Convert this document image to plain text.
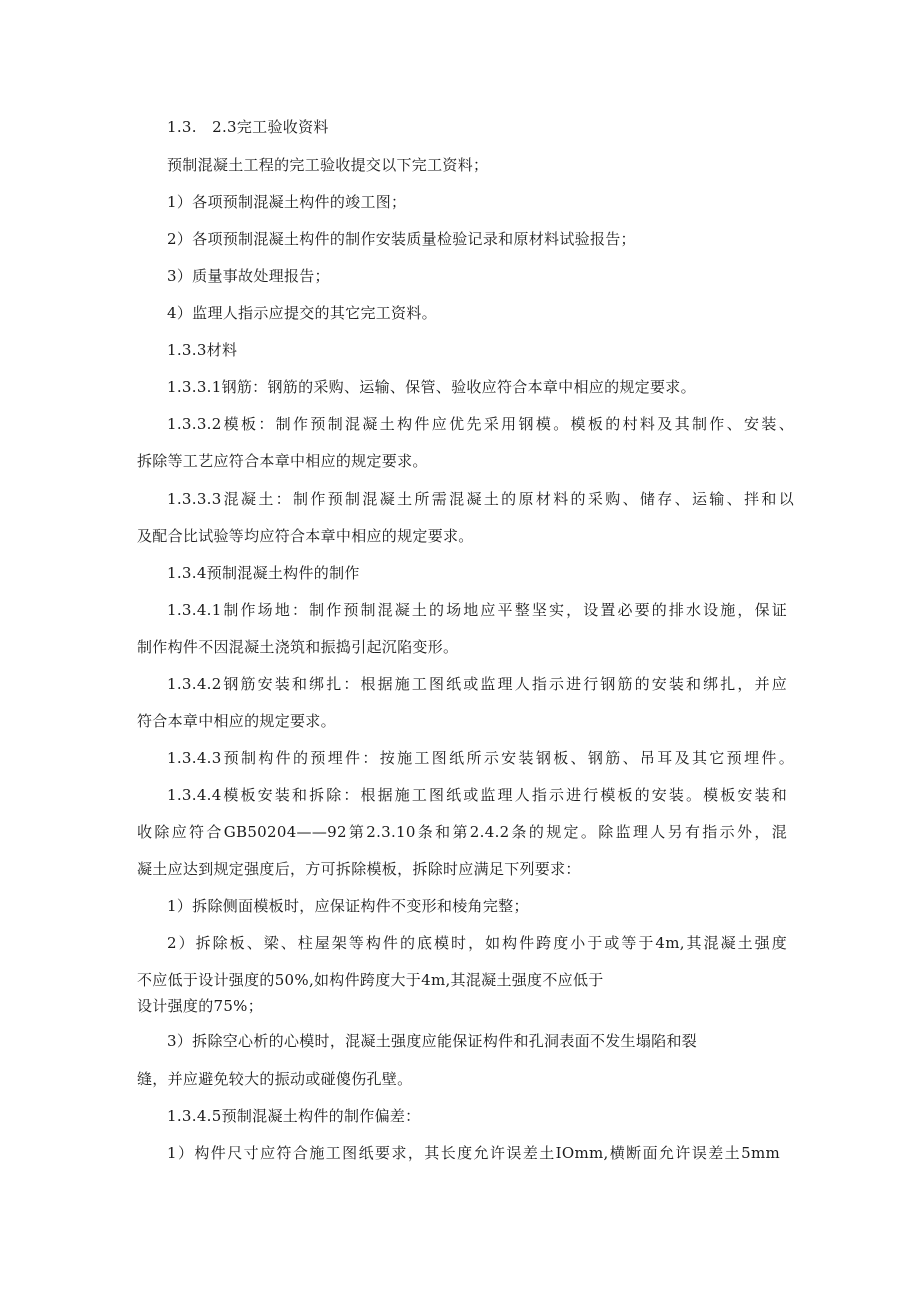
1.3.　2.3完工验收资料
预制混凝土工程的完工验收提交以下完工资料；
1）各项预制混凝土构件的竣工图；
2）各项预制混凝土构件的制作安装质量检验记录和原材料试验报告；
3）质量事故处理报告；
4）监理人指示应提交的其它完工资料。
1.3.3材料
1.3.3.1钢筋：钢筋的采购、运输、保管、验收应符合本章中相应的规定要求。
1.3.3.2模板：制作预制混凝土构件应优先采用钢模。模板的村料及其制作、安装、
拆除等工艺应符合本章中相应的规定要求。
1.3.3.3混凝土：制作预制混凝土所需混凝土的原材料的采购、储存、运输、拌和以
及配合比试验等均应符合本章中相应的规定要求。
1.3.4预制混凝土构件的制作
1.3.4.1制作场地：制作预制混凝土的场地应平整坚实，设置必要的排水设施，保证
制作构件不因混凝土浇筑和振捣引起沉陷变形。
1.3.4.2钢筋安装和绑扎：根据施工图纸或监理人指示进行钢筋的安装和绑扎，并应
符合本章中相应的规定要求。
1.3.4.3预制构件的预埋件：按施工图纸所示安装钢板、钢筋、吊耳及其它预埋件。
1.3.4.4模板安装和拆除：根据施工图纸或监理人指示进行模板的安装。模板安装和
收除应符合GB50204——92第2.3.10条和第2.4.2条的规定。除监理人另有指示外，混
凝土应达到规定强度后，方可拆除模板，拆除时应满足下列要求：
1）拆除侧面模板时，应保证构件不变形和棱角完整；
2）拆除板、梁、柱屋架等构件的底模时，如构件跨度小于或等于4m,其混凝土强度
不应低于设计强度的50%,如构件跨度大于4m,其混凝土强度不应低于
设计强度的75%；
3）拆除空心析的心模时，混凝土强度应能保证构件和孔洞表面不发生塌陷和裂
缝，并应避免较大的振动或碰傻伤孔壁。
1.3.4.5预制混凝土构件的制作偏差：
1）构件尺寸应符合施工图纸要求，其长度允许误差土IOmm,横断面允许误差土5mm
